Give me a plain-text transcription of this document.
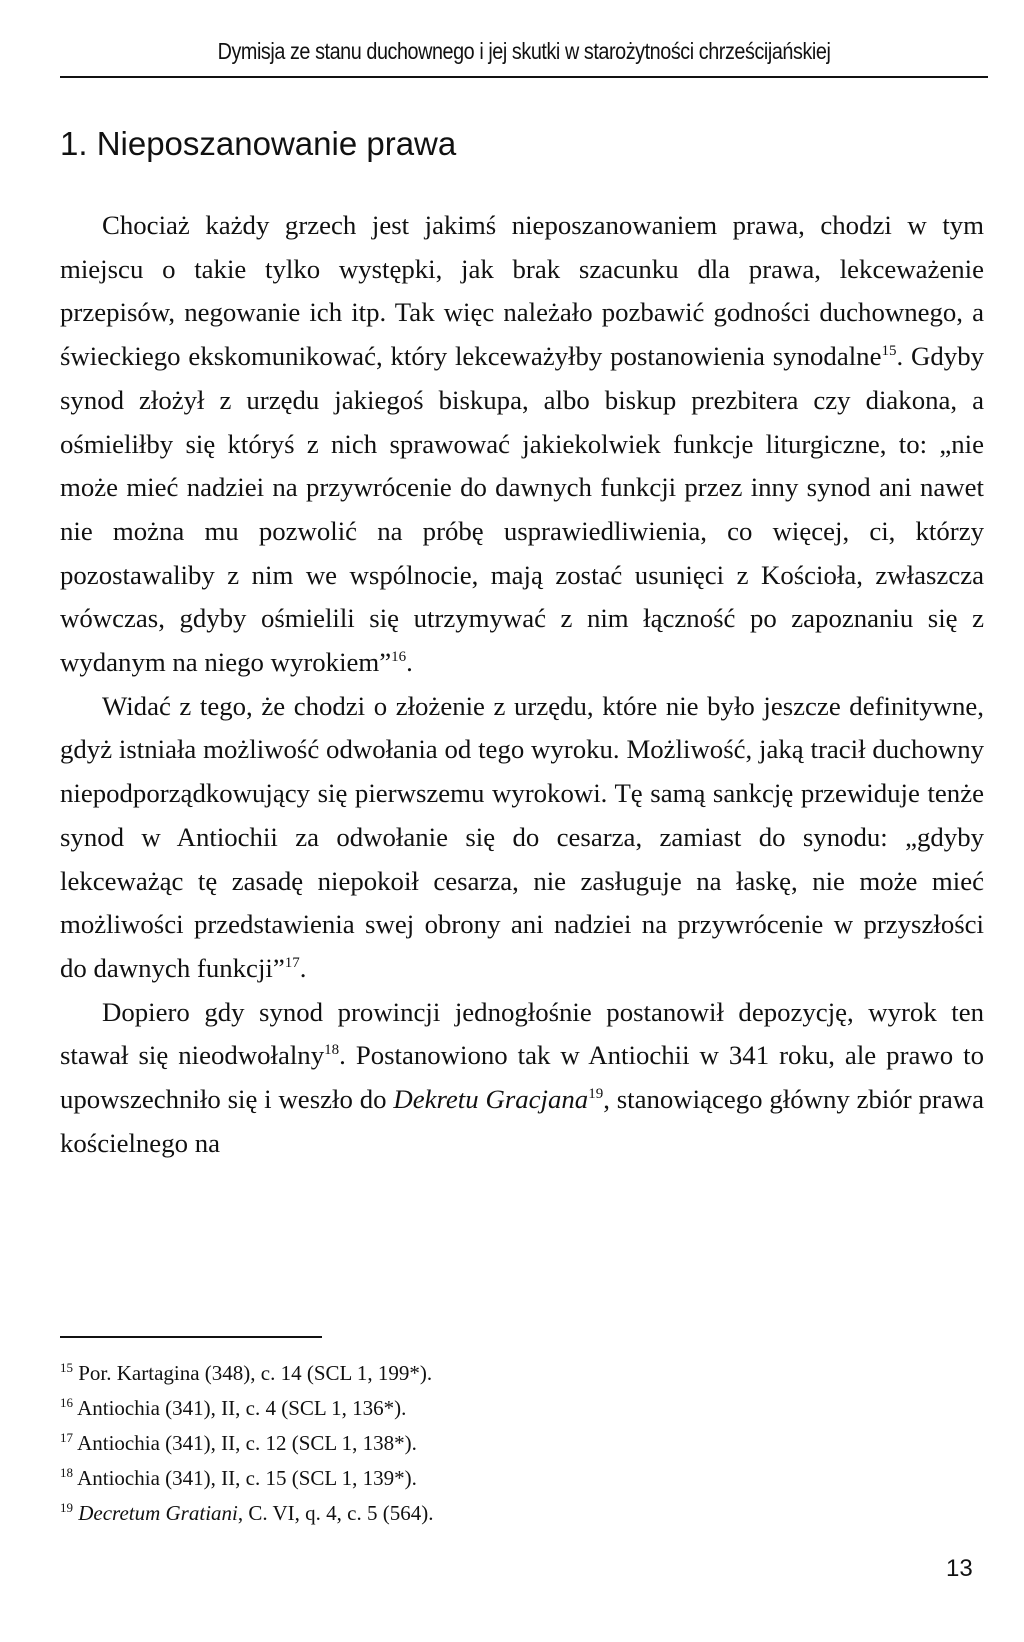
Dymisja ze stanu duchownego i jej skutki w starożytności chrześcijańskiej
1. Nieposzanowanie prawa

Chociaż każdy grzech jest jakimś nieposzanowaniem prawa, chodzi w tym miejscu o takie tylko występki, jak brak szacunku dla prawa, lekceważenie przepisów, negowanie ich itp. Tak więc należało pozbawić godności duchownego, a świeckiego ekskomunikować, który lekceważyłby postanowienia synodalne$^{15}$. Gdyby synod złożył z urzędu jakiegoś biskupa, albo biskup prezbitera czy diakona, a ośmieliłby się któryś z nich sprawować jakiekolwiek funkcje liturgiczne, to: „nie może mieć nadziei na przywrócenie do dawnych funkcji przez inny synod ani nawet nie można mu pozwolić na próbę usprawiedliwienia, co więcej, ci, którzy pozostawaliby z nim we wspólnocie, mają zostać usunięci z Kościoła, zwłaszcza wówczas, gdyby ośmielili się utrzymywać z nim łączność po zapoznaniu się z wydanym na niego wyrokiem”$^{16}$.

Widać z tego, że chodzi o złożenie z urzędu, które nie było jeszcze definitywne, gdyż istniała możliwość odwołania od tego wyroku. Możliwość, jaką tracił duchowny niepodporządkowujący się pierwszemu wyrokowi. Tę samą sankcję przewiduje tenże synod w Antiochii za odwołanie się do cesarza, zamiast do synodu: „gdyby lekceważąc tę zasadę niepokoił cesarza, nie zasługuje na łaskę, nie może mieć możliwości przedstawienia swej obrony ani nadziei na przywrócenie w przyszłości do dawnych funkcji”$^{17}$.

Dopiero gdy synod prowincji jednogłośnie postanowił depozycję, wyrok ten stawał się nieodwołalny$^{18}$. Postanowiono tak w Antiochii w 341 roku, ale prawo to upowszechniło się i weszło do Dekretu Gracjana$^{19}$, stanowiącego główny zbiór prawa kościelnego na

$^{15}$ Por. Kartagina (348), c. 14 (SCL 1, 199*).
$^{16}$ Antiochia (341), II, c. 4 (SCL 1, 136*).
$^{17}$ Antiochia (341), II, c. 12 (SCL 1, 138*).
$^{18}$ Antiochia (341), II, c. 15 (SCL 1, 139*).
$^{19}$ Decretum Gratiani, C. VI, q. 4, c. 5 (564).
13
